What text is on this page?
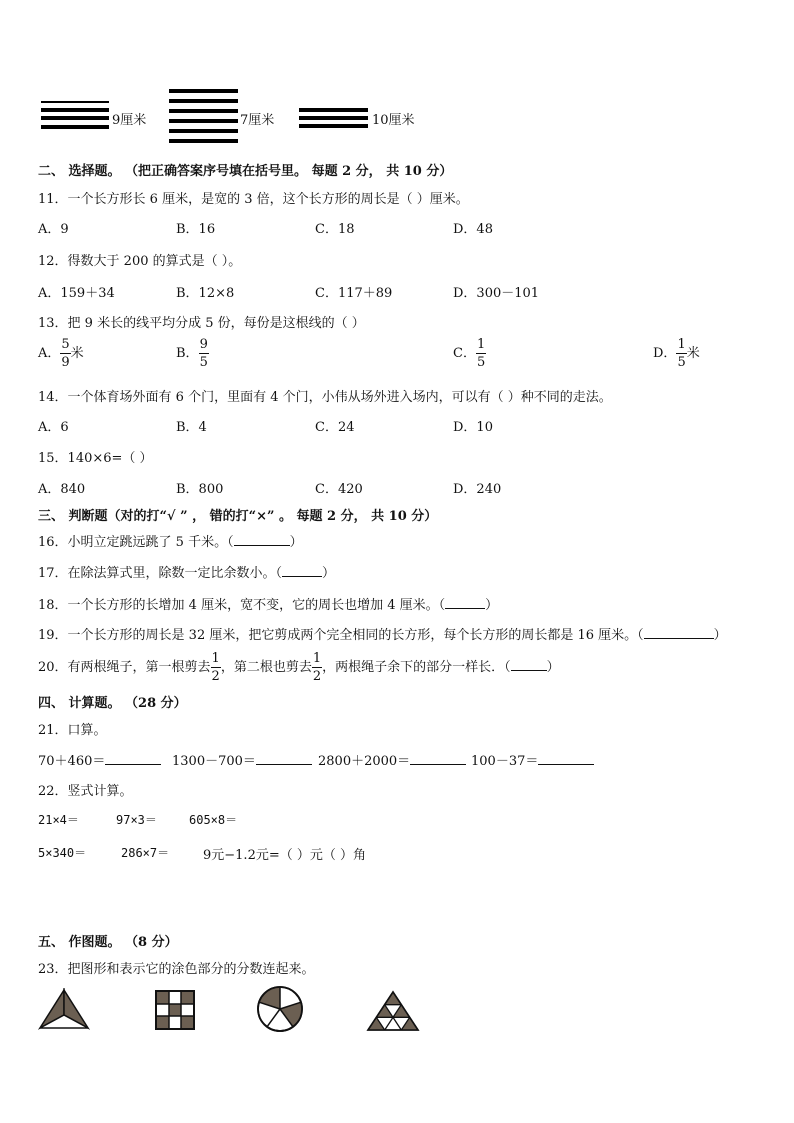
9厘米	7厘米	10厘米
二、 选择题。 （把正确答案序号填在括号里。 每题 2 分， 共 10 分）
11．一个长方形长 6 厘米，是宽的 3 倍，这个长方形的周长是（ ）厘米。
A．9	B．16	C．18	D．48
12．得数大于 200 的算式是（ ）。
A．159＋34	B．12×8	C．117＋89	D．300－101
13．把 9 米长的线平均分成 5 份，每份是这根线的（ ）
A． $\frac{5}{9}$ 米	B． $\frac{9}{5}$	C． $\frac{1}{5}$	D． $\frac{1}{5}$ 米
14．一个体育场外面有 6 个门，里面有 4 个门，小伟从场外进入场内，可以有（ ）种不同的走法。
A．6	B．4	C．24	D．10
15．140×6=（ ）
A．840	B．800	C．420	D．240
三、 判断题（对的打“√ ” ， 错的打“×” 。 每题 2 分， 共 10 分）
16．小明立定跳远跳了 5 千米。（	）
17．在除法算式里，除数一定比余数小。（	）
18．一个长方形的长增加 4 厘米，宽不变，它的周长也增加 4 厘米。（	）
19．一个长方形的周长是 32 厘米，把它剪成两个完全相同的长方形，每个长方形的周长都是 16 厘米。（	）
20．有两根绳子，第一根剪去 $\frac{1}{2}$ ，第二根也剪去 $\frac{1}{2}$ ，两根绳子余下的部分一样长．（	）
四、 计算题。 （28 分）
21．口算。
70＋460＝	1300－700＝	2800＋2000＝	100－37＝
22．竖式计算。
21×4＝	97×3＝	605×8＝
5×340＝	286×7＝	9元−1.2元=（ ）元（ ）角
五、 作图题。 （8 分）
23．把图形和表示它的涂色部分的分数连起来。
